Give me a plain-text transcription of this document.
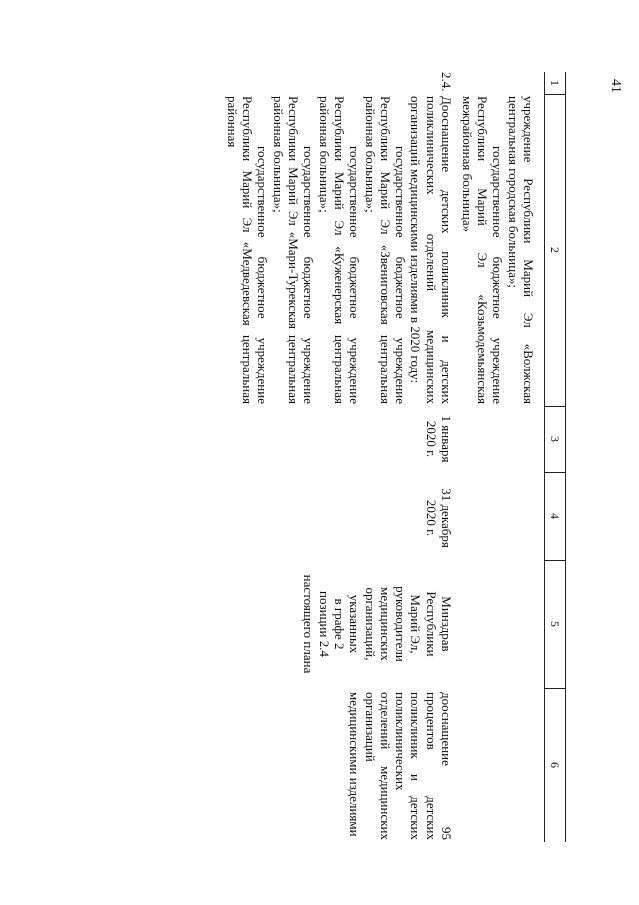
41
1
2
3
4
5
6

учреждение Республики Марий Эл «Волжская центральная городская больница»;

государственное бюджетное учреждение Республики Марий Эл «Козьмодемьянская межрайонная больница»

2.4.

Дооснащение детских поликлиник и детских поликлинических отделений медицинских организаций медицинскими изделиями в 2020 году:

государственное бюджетное учреждение Республики Марий Эл «Звениговская центральная районная больница»;

государственное бюджетное учреждение Республики Марий Эл «Куженерская центральная районная больница»;

государственное бюджетное учреждение Республики Марий Эл «Мари-Турекская центральная районная больница»;

государственное бюджетное учреждение Республики Марий Эл «Медведевская центральная районная

1 января
2020 г.
31 декабря
2020 г.
Минздрав
Республики
Марий Эл,
руководители
медицинских
организаций,
указанных
в графе 2
позиции 2.4
настоящего плана
дооснащение 95 процентов детских поликлиник и детских поликлинических отделений медицинских организаций медицинскими изделиями
